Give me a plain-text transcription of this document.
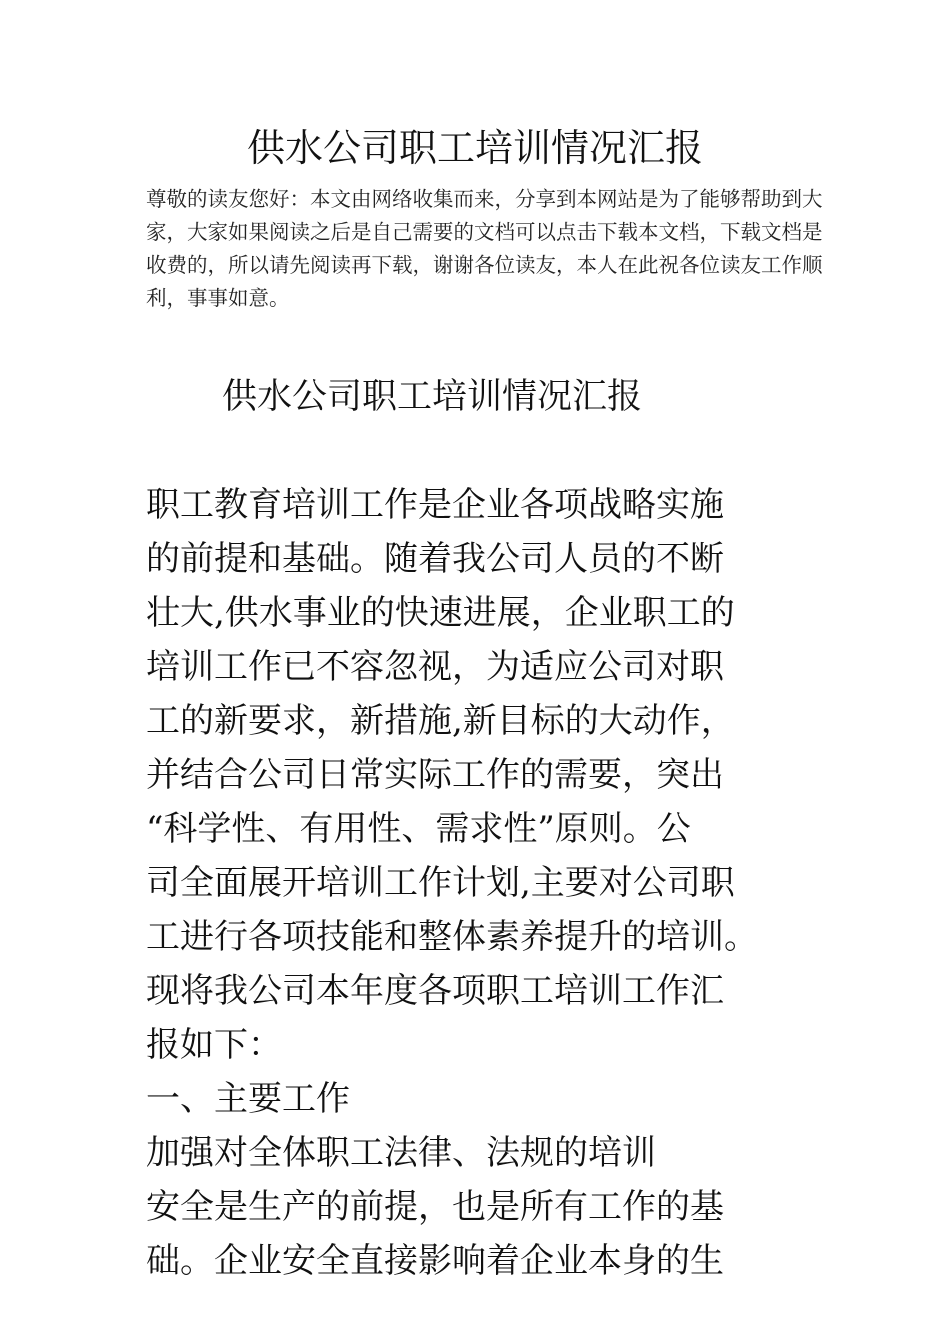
供水公司职工培训情况汇报

尊敬的读友您好：本文由网络收集而来，分享到本网站是为了能够帮助到大
家，大家如果阅读之后是自己需要的文档可以点击下载本文档，下载文档是
收费的，所以请先阅读再下载，谢谢各位读友，本人在此祝各位读友工作顺
利，事事如意。

供水公司职工培训情况汇报
职工教育培训工作是企业各项战略实施
的前提和基础。随着我公司人员的不断
壮大,供水事业的快速进展，企业职工的
培训工作已不容忽视，为适应公司对职
工的新要求，新措施,新目标的大动作，
并结合公司日常实际工作的需要，突出
“科学性、有用性、需求性”原则。公
司全面展开培训工作计划,主要对公司职
工进行各项技能和整体素养提升的培训。
现将我公司本年度各项职工培训工作汇
报如下：
一、主要工作
加强对全体职工法律、法规的培训
安全是生产的前提，也是所有工作的基
础。企业安全直接影响着企业本身的生
